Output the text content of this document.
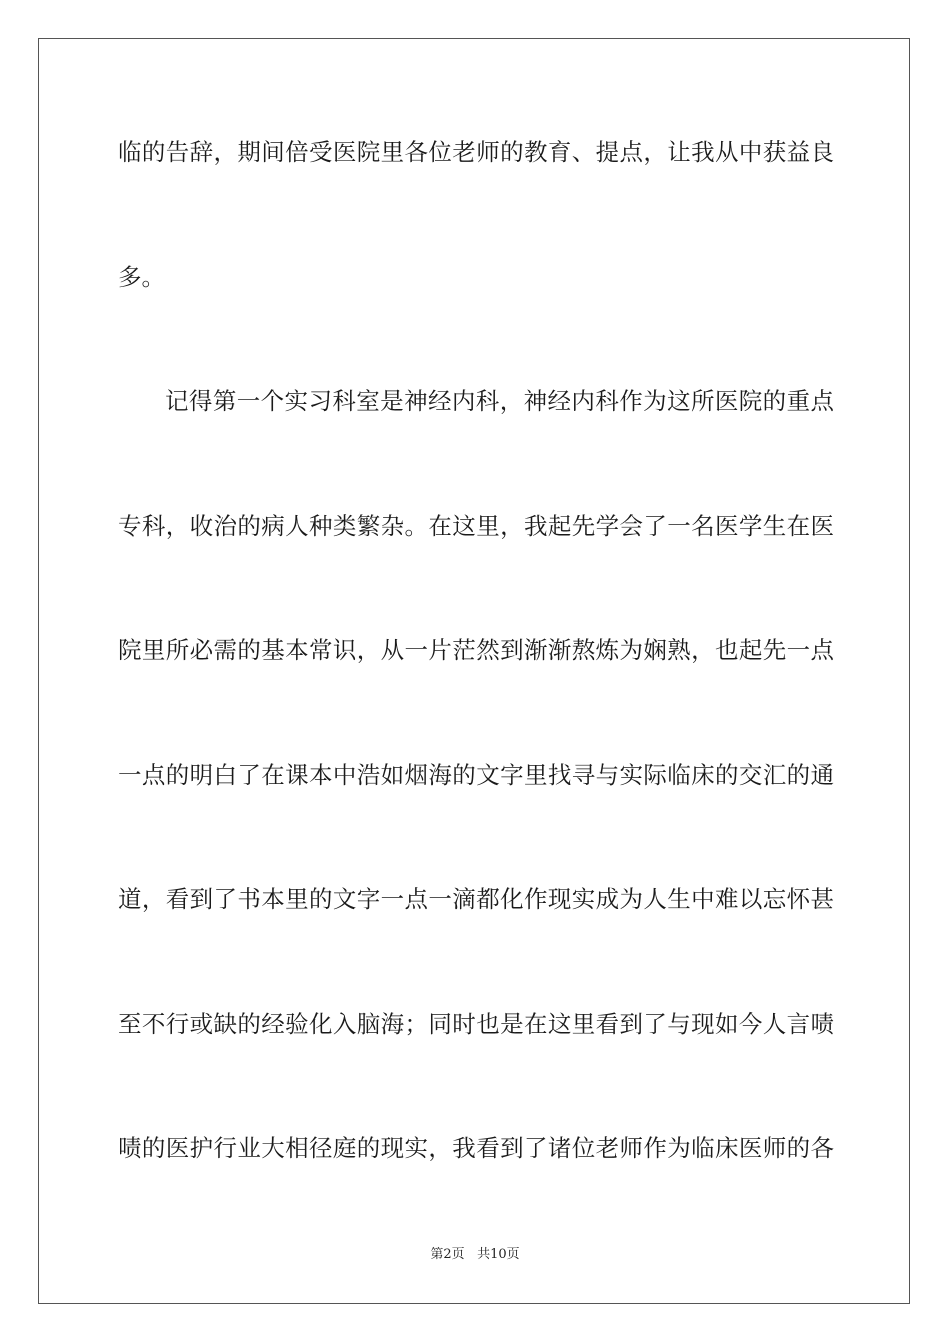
临的告辞，期间倍受医院里各位老师的教育、提点，让我从中获益良
多。
记得第一个实习科室是神经内科，神经内科作为这所医院的重点
专科，收治的病人种类繁杂。在这里，我起先学会了一名医学生在医
院里所必需的基本常识，从一片茫然到渐渐熬炼为娴熟，也起先一点
一点的明白了在课本中浩如烟海的文字里找寻与实际临床的交汇的通
道，看到了书本里的文字一点一滴都化作现实成为人生中难以忘怀甚
至不行或缺的经验化入脑海；同时也是在这里看到了与现如今人言啧
啧的医护行业大相径庭的现实，我看到了诸位老师作为临床医师的各
第2页 共10页
